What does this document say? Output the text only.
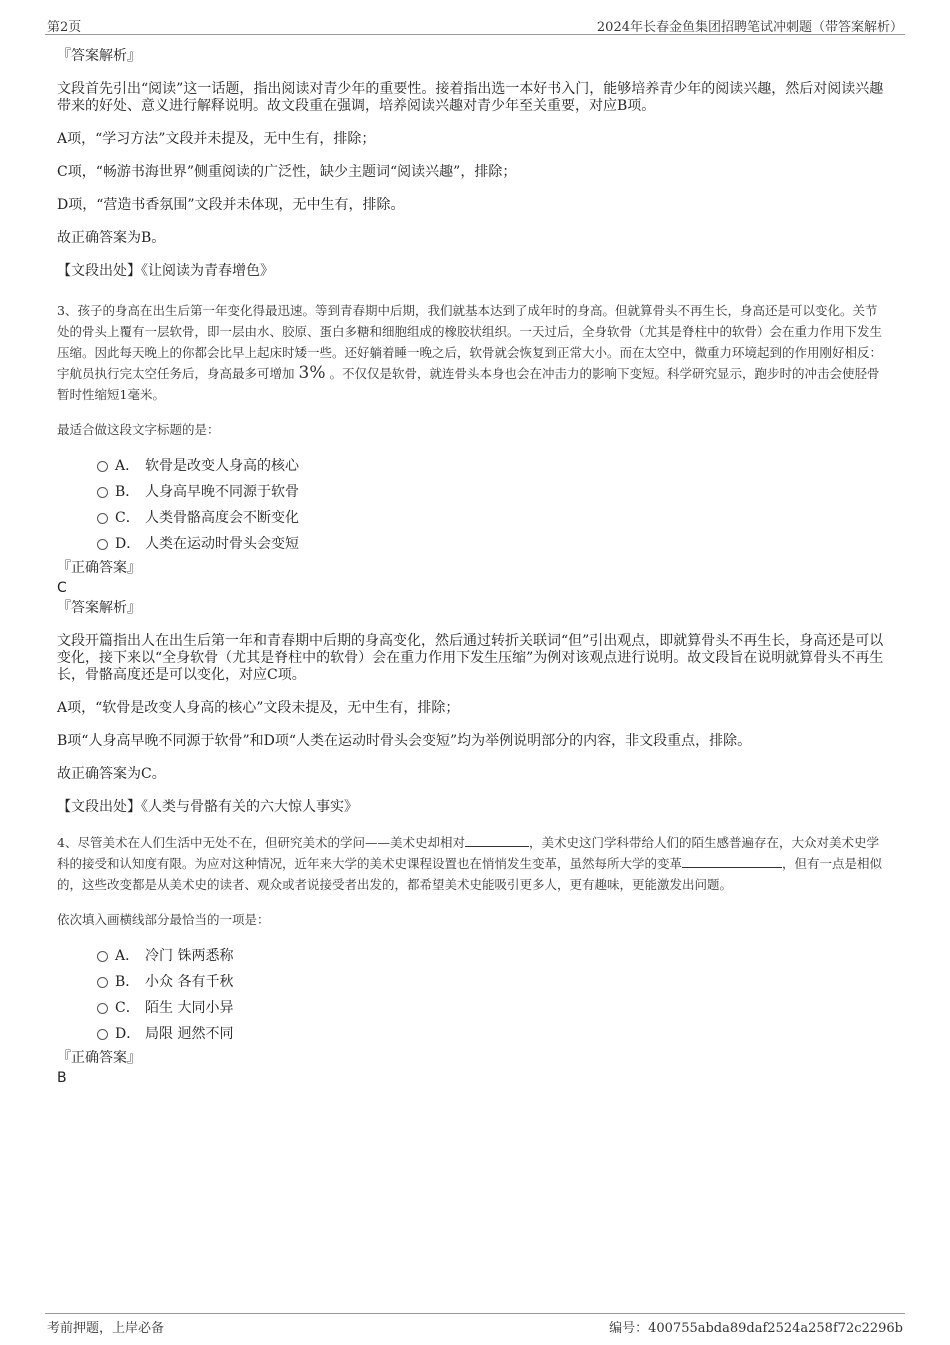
第2页	2024年长春金鱼集团招聘笔试冲刺题（带答案解析）

『答案解析』

文段首先引出“阅读”这一话题，指出阅读对青少年的重要性。接着指出选一本好书入门，能够培养青少年的阅读兴趣，然后对阅读兴趣带来的好处、意义进行解释说明。故文段重在强调，培养阅读兴趣对青少年至关重要，对应B项。

A项，“学习方法”文段并未提及，无中生有，排除；

C项，“畅游书海世界”侧重阅读的广泛性，缺少主题词“阅读兴趣”，排除；

D项，“营造书香氛围”文段并未体现，无中生有，排除。

故正确答案为B。

【文段出处】《让阅读为青春增色》

3、孩子的身高在出生后第一年变化得最迅速。等到青春期中后期，我们就基本达到了成年时的身高。但就算骨头不再生长，身高还是可以变化。关节处的骨头上覆有一层软骨，即一层由水、胶原、蛋白多糖和细胞组成的橡胶状组织。一天过后，全身软骨（尤其是脊柱中的软骨）会在重力作用下发生压缩。因此每天晚上的你都会比早上起床时矮一些。还好躺着睡一晚之后，软骨就会恢复到正常大小。而在太空中，微重力环境起到的作用刚好相反：宇航员执行完太空任务后，身高最多可增加 3% 。不仅仅是软骨，就连骨头本身也会在冲击力的影响下变短。科学研究显示，跑步时的冲击会使胫骨暂时性缩短1毫米。

最适合做这段文字标题的是：

A． 软骨是改变人身高的核心
B． 人身高早晚不同源于软骨
C． 人类骨骼高度会不断变化
D． 人类在运动时骨头会变短

『正确答案』

C

『答案解析』

文段开篇指出人在出生后第一年和青春期中后期的身高变化，然后通过转折关联词“但”引出观点，即就算骨头不再生长，身高还是可以变化，接下来以“全身软骨（尤其是脊柱中的软骨）会在重力作用下发生压缩”为例对该观点进行说明。故文段旨在说明就算骨头不再生长，骨骼高度还是可以变化，对应C项。

A项，“软骨是改变人身高的核心”文段未提及，无中生有，排除；

B项“人身高早晚不同源于软骨”和D项“人类在运动时骨头会变短”均为举例说明部分的内容，非文段重点，排除。

故正确答案为C。

【文段出处】《人类与骨骼有关的六大惊人事实》

4、尽管美术在人们生活中无处不在，但研究美术的学问——美术史却相对	，美术史这门学科带给人们的陌生感普遍存在，大众对美术史学科的接受和认知度有限。为应对这种情况，近年来大学的美术史课程设置也在悄悄发生变革，虽然每所大学的变革	，但有一点是相似的，这些改变都是从美术史的读者、观众或者说接受者出发的，都希望美术史能吸引更多人，更有趣味，更能激发出问题。

依次填入画横线部分最恰当的一项是：

A． 冷门 铢两悉称
B． 小众 各有千秋
C． 陌生 大同小异
D． 局限 迥然不同

『正确答案』

B

考前押题，上岸必备	编号：400755abda89daf2524a258f72c2296b
